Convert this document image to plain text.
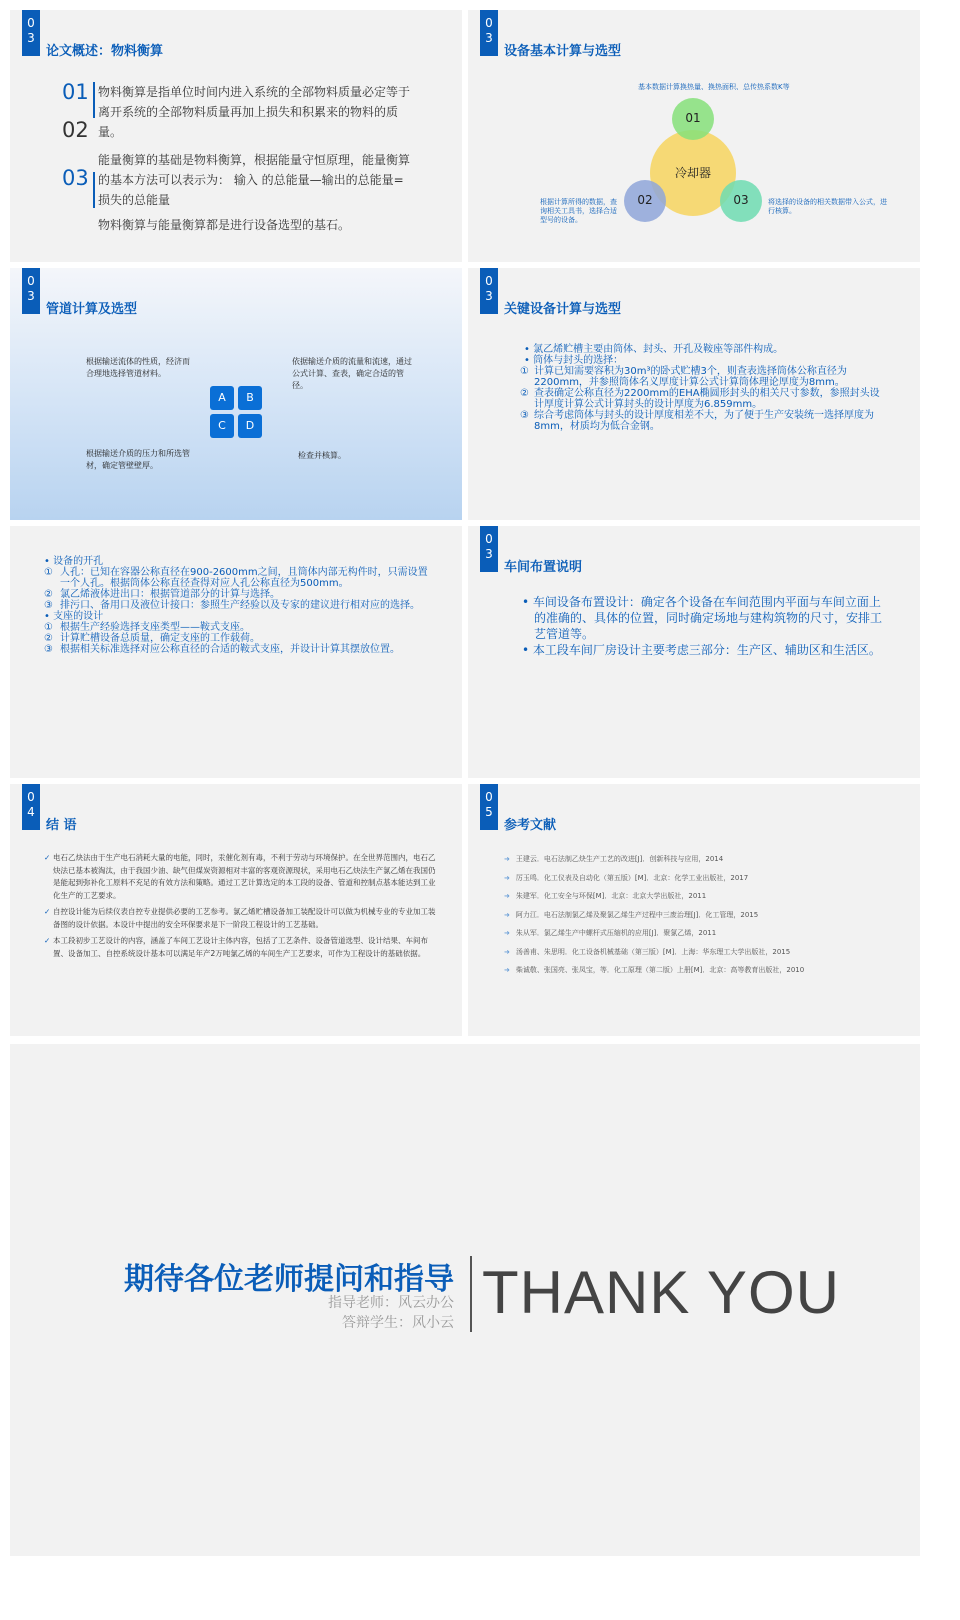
0
3
论文概述：物料衡算
01
02
03
物料衡算是指单位时间内进入系统的全部物料质量必定等于离开系统的全部物料质量再加上损失和积累来的物料的质量。
能量衡算的基础是物料衡算，根据能量守恒原理，能量衡算的基本方法可以表示为： 输入 的总能量—输出的总能量=损失的总能量
物料衡算与能量衡算都是进行设备选型的基石。
0
3
设备基本计算与选型
基本数据计算换热量、换热面积、总传热系数K等
冷却器
01
02	03
根据计算所得的数据，查询相关工具书，选择合适型号的设备。
将选择的设备的相关数据带入公式，进行核算。
0
3
管道计算及选型
根据输送流体的性质，经济而合理地选择管道材料。
依据输送介质的流量和流速，通过公式计算、查表，确定合适的管径。
根据输送介质的压力和所选管材，确定管壁壁厚。
检查并核算。
A	B
C	D
0
3
关键设备计算与选型
• 氯乙烯贮槽主要由筒体、封头、开孔及鞍座等部件构成。
• 筒体与封头的选择：
① 计算已知需要容积为30m³的卧式贮槽3个，则查表选择筒体公称直径为2200mm，并参照筒体名义厚度计算公式计算筒体理论厚度为8mm。
② 查表确定公称直径为2200mm的EHA椭圆形封头的相关尺寸参数，参照封头设计厚度计算公式计算封头的设计厚度为6.859mm。
③ 综合考虑筒体与封头的设计厚度相差不大，为了便于生产安装统一选择厚度为8mm，材质均为低合金钢。
• 设备的开孔
① 人孔：已知在容器公称直径在900-2600mm之间，且筒体内部无构件时，只需设置一个人孔。根据筒体公称直径查得对应人孔公称直径为500mm。
② 氯乙烯液体进出口：根据管道部分的计算与选择。
③ 排污口、备用口及液位计接口：参照生产经验以及专家的建议进行相对应的选择。
• 支座的设计
① 根据生产经验选择支座类型——鞍式支座。
② 计算贮槽设备总质量，确定支座的工作载荷。
③ 根据相关标准选择对应公称直径的合适的鞍式支座，并设计计算其摆放位置。
0
3
车间布置说明
• 车间设备布置设计：确定各个设备在车间范围内平面与车间立面上的准确的、具体的位置，同时确定场地与建构筑物的尺寸，安排工艺管道等。
• 本工段车间厂房设计主要考虑三部分：生产区、辅助区和生活区。
0
4
结 语
✓ 电石乙炔法由于生产电石消耗大量的电能，同时，汞催化剂有毒，不利于劳动与环境保护。在全世界范围内，电石乙炔法已基本被淘汰，由于我国少油、缺气但煤炭资源相对丰富的客观资源现状，采用电石乙炔法生产氯乙烯在我国仍是能起到弥补化工原料不充足的有效方法和策略。通过工艺计算选定的本工段的设备、管道和控制点基本能达到工业化生产的工艺要求。
✓ 自控设计能为后续仪表自控专业提供必要的工艺参考。氯乙烯贮槽设备加工装配设计可以做为机械专业的专业加工装备图的设计依据。本设计中提出的安全环保要求是下一阶段工程设计的工艺基础。
✓ 本工段初步工艺设计的内容，涵盖了车间工艺设计主体内容，包括了工艺条件、设备管道选型、设计结果、车间布置、设备加工、自控系统设计基本可以满足年产2万吨氯乙烯的车间生产工艺要求，可作为工程设计的基础依据。
0
5
参考文献
➜ 王建云．电石法制乙炔生产工艺的改进[J]．创新科技与应用，2014
➜ 厉玉鸣．化工仪表及自动化（第五版）[M]．北京：化学工业出版社，2017
➜ 朱建军．化工安全与环保[M]．北京：北京大学出版社，2011
➜ 阿力江．电石法制氯乙烯及聚氯乙烯生产过程中三废治理[J]．化工管理，2015
➜ 朱从军．氯乙烯生产中螺杆式压缩机的应用[J]．聚氯乙烯，2011
➜ 汤善甫、朱思明．化工设备机械基础（第三版）[M]．上海：华东理工大学出版社，2015
➜ 柴诚敬、张国亮、张凤宝，等．化工原理（第二版）上册[M]．北京：高等教育出版社，2010
期待各位老师提问和指导
指导老师：风云办公
答辩学生：风小云 THANK YOU
